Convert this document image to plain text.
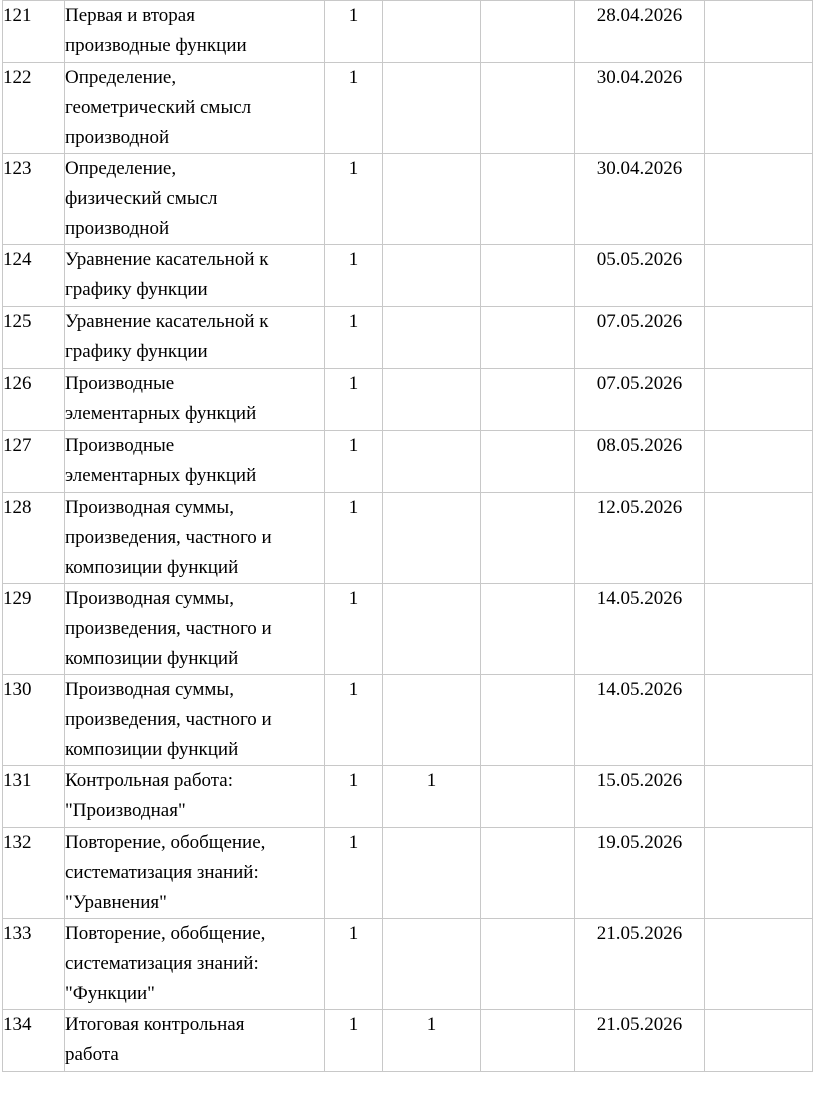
121	Первая и вторая
производные функции	1			28.04.2026	

122	Определение,
геометрический смысл
производной	1			30.04.2026	

123	Определение,
физический смысл
производной	1			30.04.2026	

124	Уравнение касательной к
графику функции	1			05.05.2026	

125	Уравнение касательной к
графику функции	1			07.05.2026	

126	Производные
элементарных функций	1			07.05.2026	

127	Производные
элементарных функций	1			08.05.2026	

128	Производная суммы,
произведения, частного и
композиции функций	1			12.05.2026	

129	Производная суммы,
произведения, частного и
композиции функций	1			14.05.2026	

130	Производная суммы,
произведения, частного и
композиции функций	1			14.05.2026	

131	Контрольная работа:
"Производная"	1	1		15.05.2026	

132	Повторение, обобщение,
систематизация знаний:
"Уравнения"	1			19.05.2026	

133	Повторение, обобщение,
систематизация знаний:
"Функции"	1			21.05.2026	

134	Итоговая контрольная
работа	1	1		21.05.2026	
